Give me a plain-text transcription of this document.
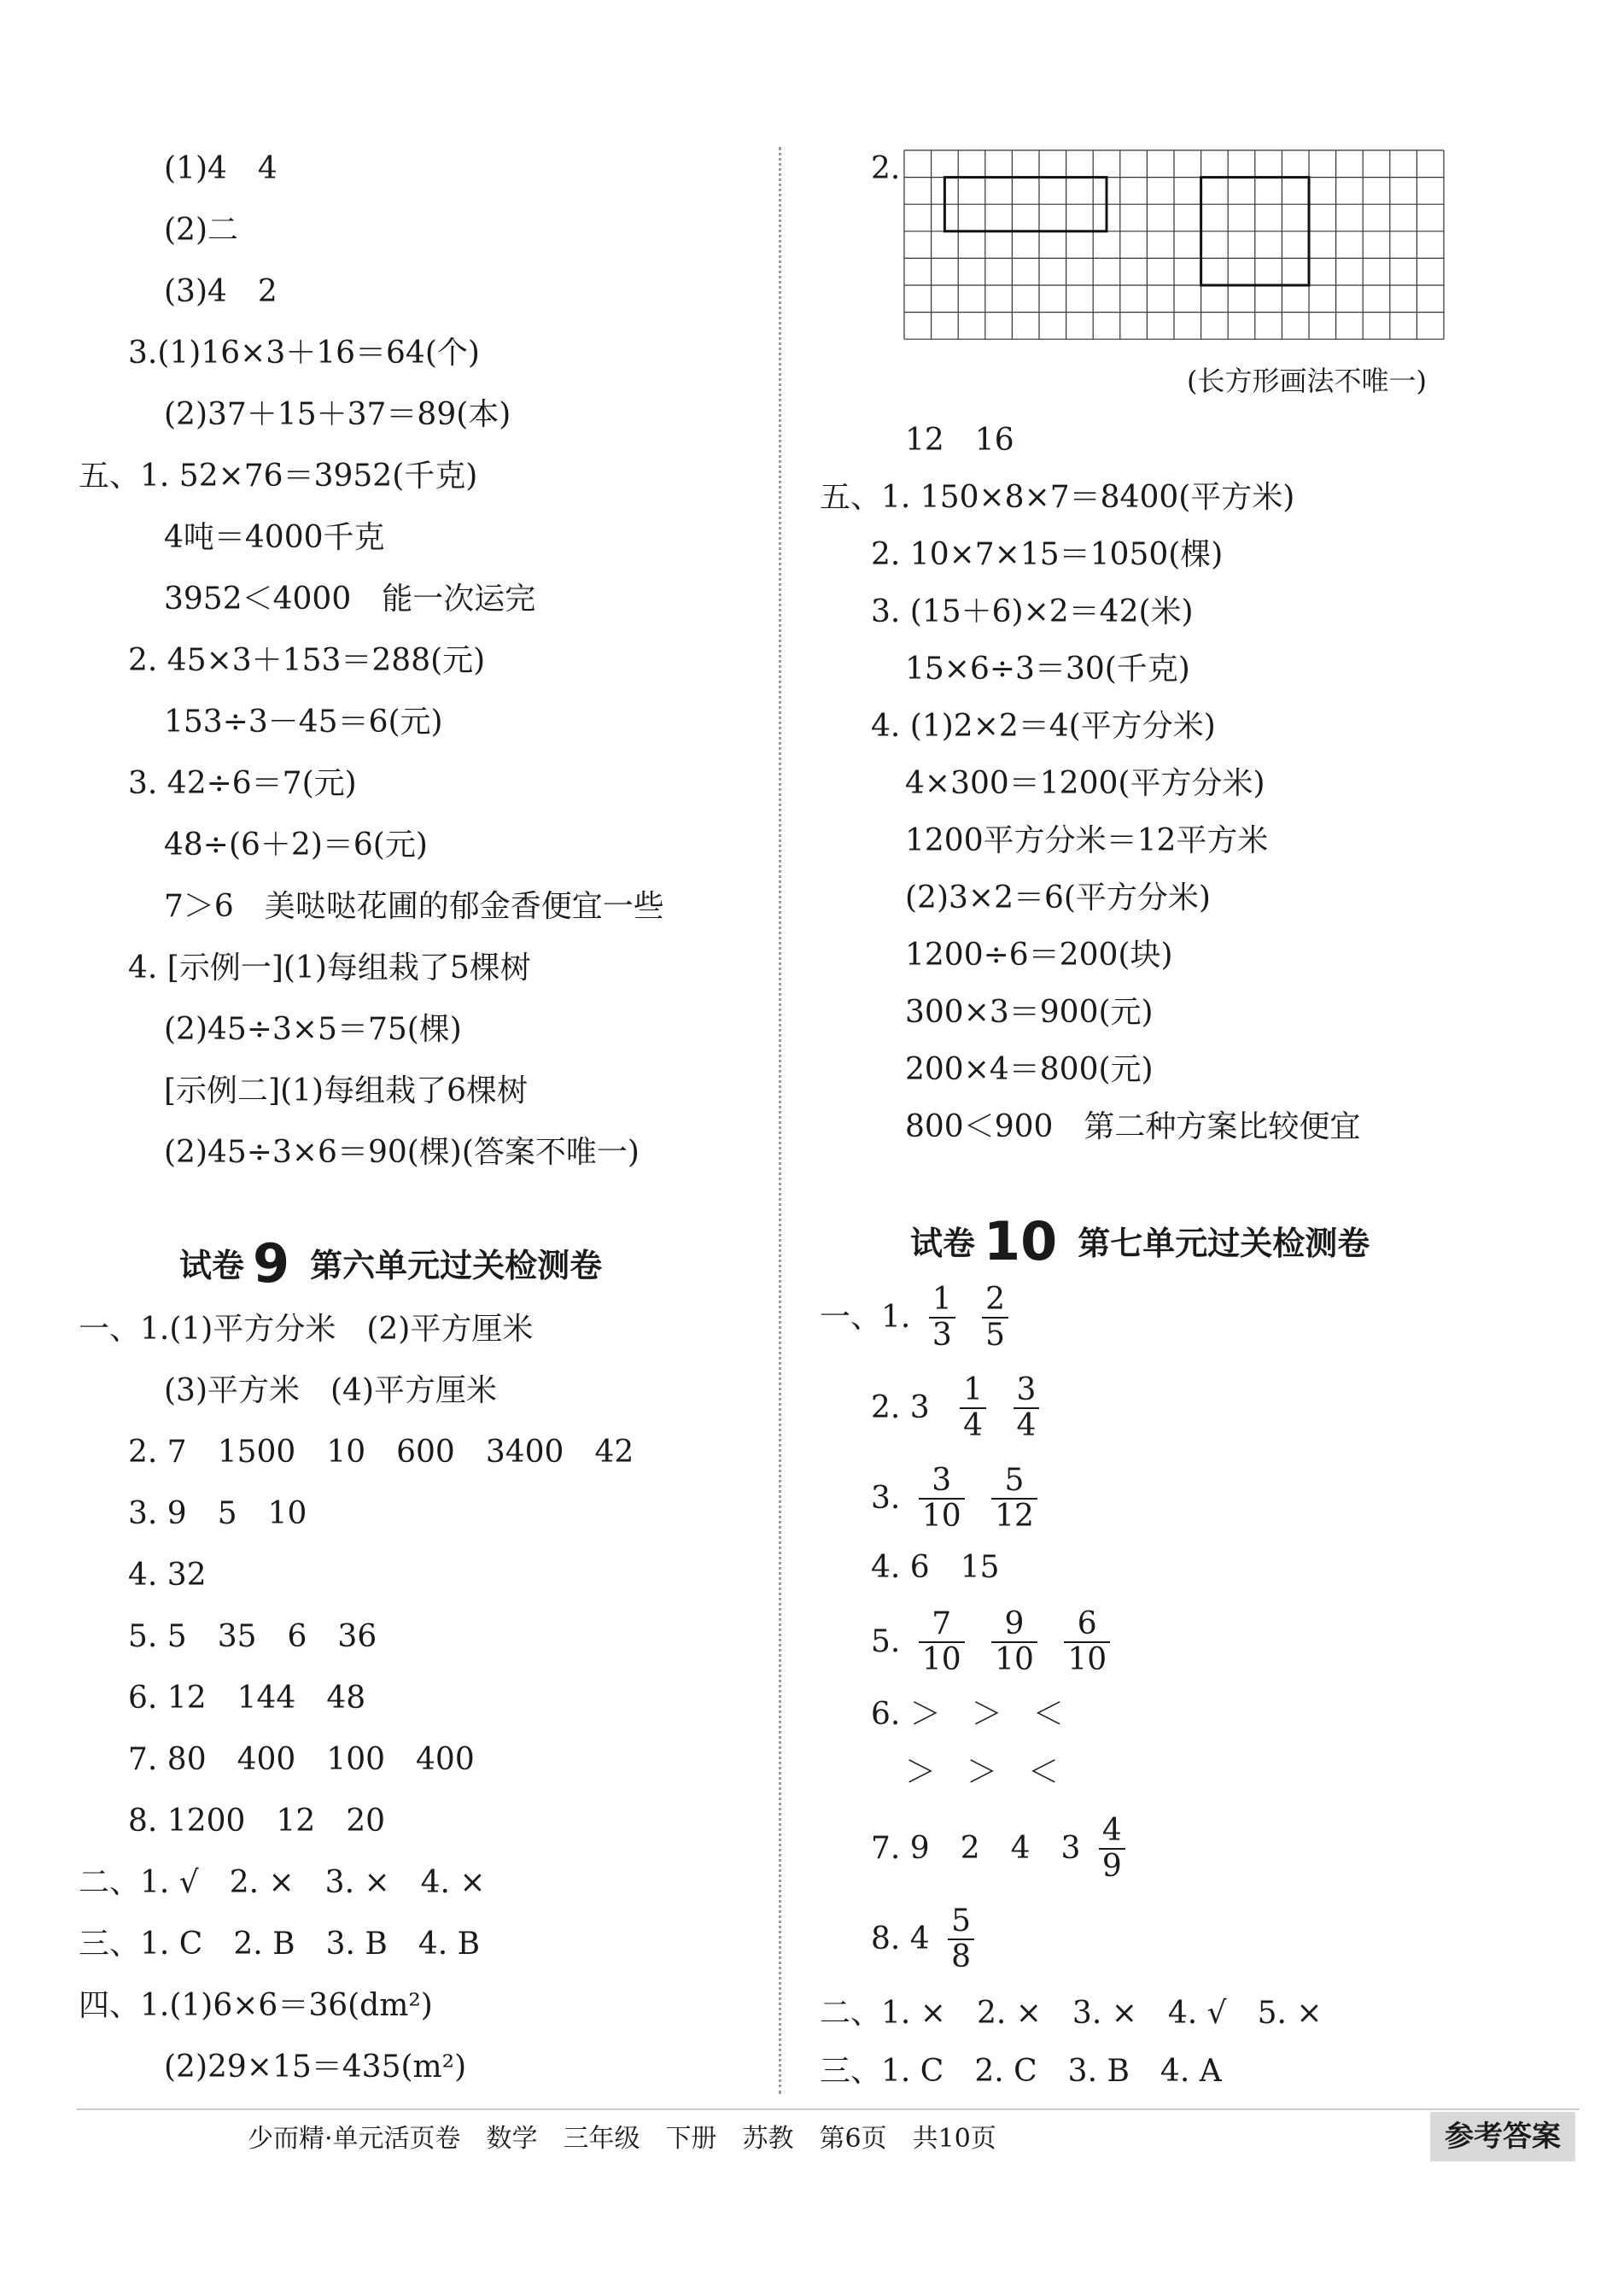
(1)4　4
(2)二
(3)4　2
3.(1)16×3＋16＝64(个)
(2)37＋15＋37＝89(本)
五、1. 52×76＝3952(千克)
4吨＝4000千克
3952＜4000　能一次运完
2. 45×3＋153＝288(元)
153÷3－45＝6(元)
3. 42÷6＝7(元)
48÷(6＋2)＝6(元)
7＞6　美哒哒花圃的郁金香便宜一些
4. [示例一](1)每组栽了5棵树
(2)45÷3×5＝75(棵)
[示例二](1)每组栽了6棵树
(2)45÷3×6＝90(棵)(答案不唯一)
试卷 9 第六单元过关检测卷
一、1.(1)平方分米　(2)平方厘米
(3)平方米　(4)平方厘米
2. 7　1500　10　600　3400　42
3. 9　5　10
4. 32
5. 5　35　6　36
6. 12　144　48
7. 80　400　100　400
8. 1200　12　20
二、1. √　2. ×　3. ×　4. ×
三、1. C　2. B　3. B　4. B
四、1.(1)6×6＝36(dm²)
(2)29×15＝435(m²)
2.
(长方形画法不唯一)
12　16
五、1. 150×8×7＝8400(平方米)
2. 10×7×15＝1050(棵)
3. (15＋6)×2＝42(米)
15×6÷3＝30(千克)
4. (1)2×2＝4(平方分米)
4×300＝1200(平方分米)
1200平方分米＝12平方米
(2)3×2＝6(平方分米)
1200÷6＝200(块)
300×3＝900(元)
200×4＝800(元)
800＜900　第二种方案比较便宜
试卷 10 第七单元过关检测卷
一、1. $\frac{1}{3}$
$\frac{2}{5}$
2. $3 \frac{1}{4}$
$\frac{3}{4}$
3. $\frac{3}{10}$
$\frac{5}{12}$
4. 6　15
5. $\frac{7}{10}$
$\frac{9}{10}$
$\frac{6}{10}$
6. ＞　＞　＜
＞　＞　＜
7. 9　2　4　$3 \frac{4}{9}$
8. $4 \frac{5}{8}$
二、1. ×　2. ×　3. ×　4. √　5. ×
三、1. C　2. C　3. B　4. A
少而精·单元活页卷　数学　三年级　下册　苏教　第6页　共10页	参考答案
